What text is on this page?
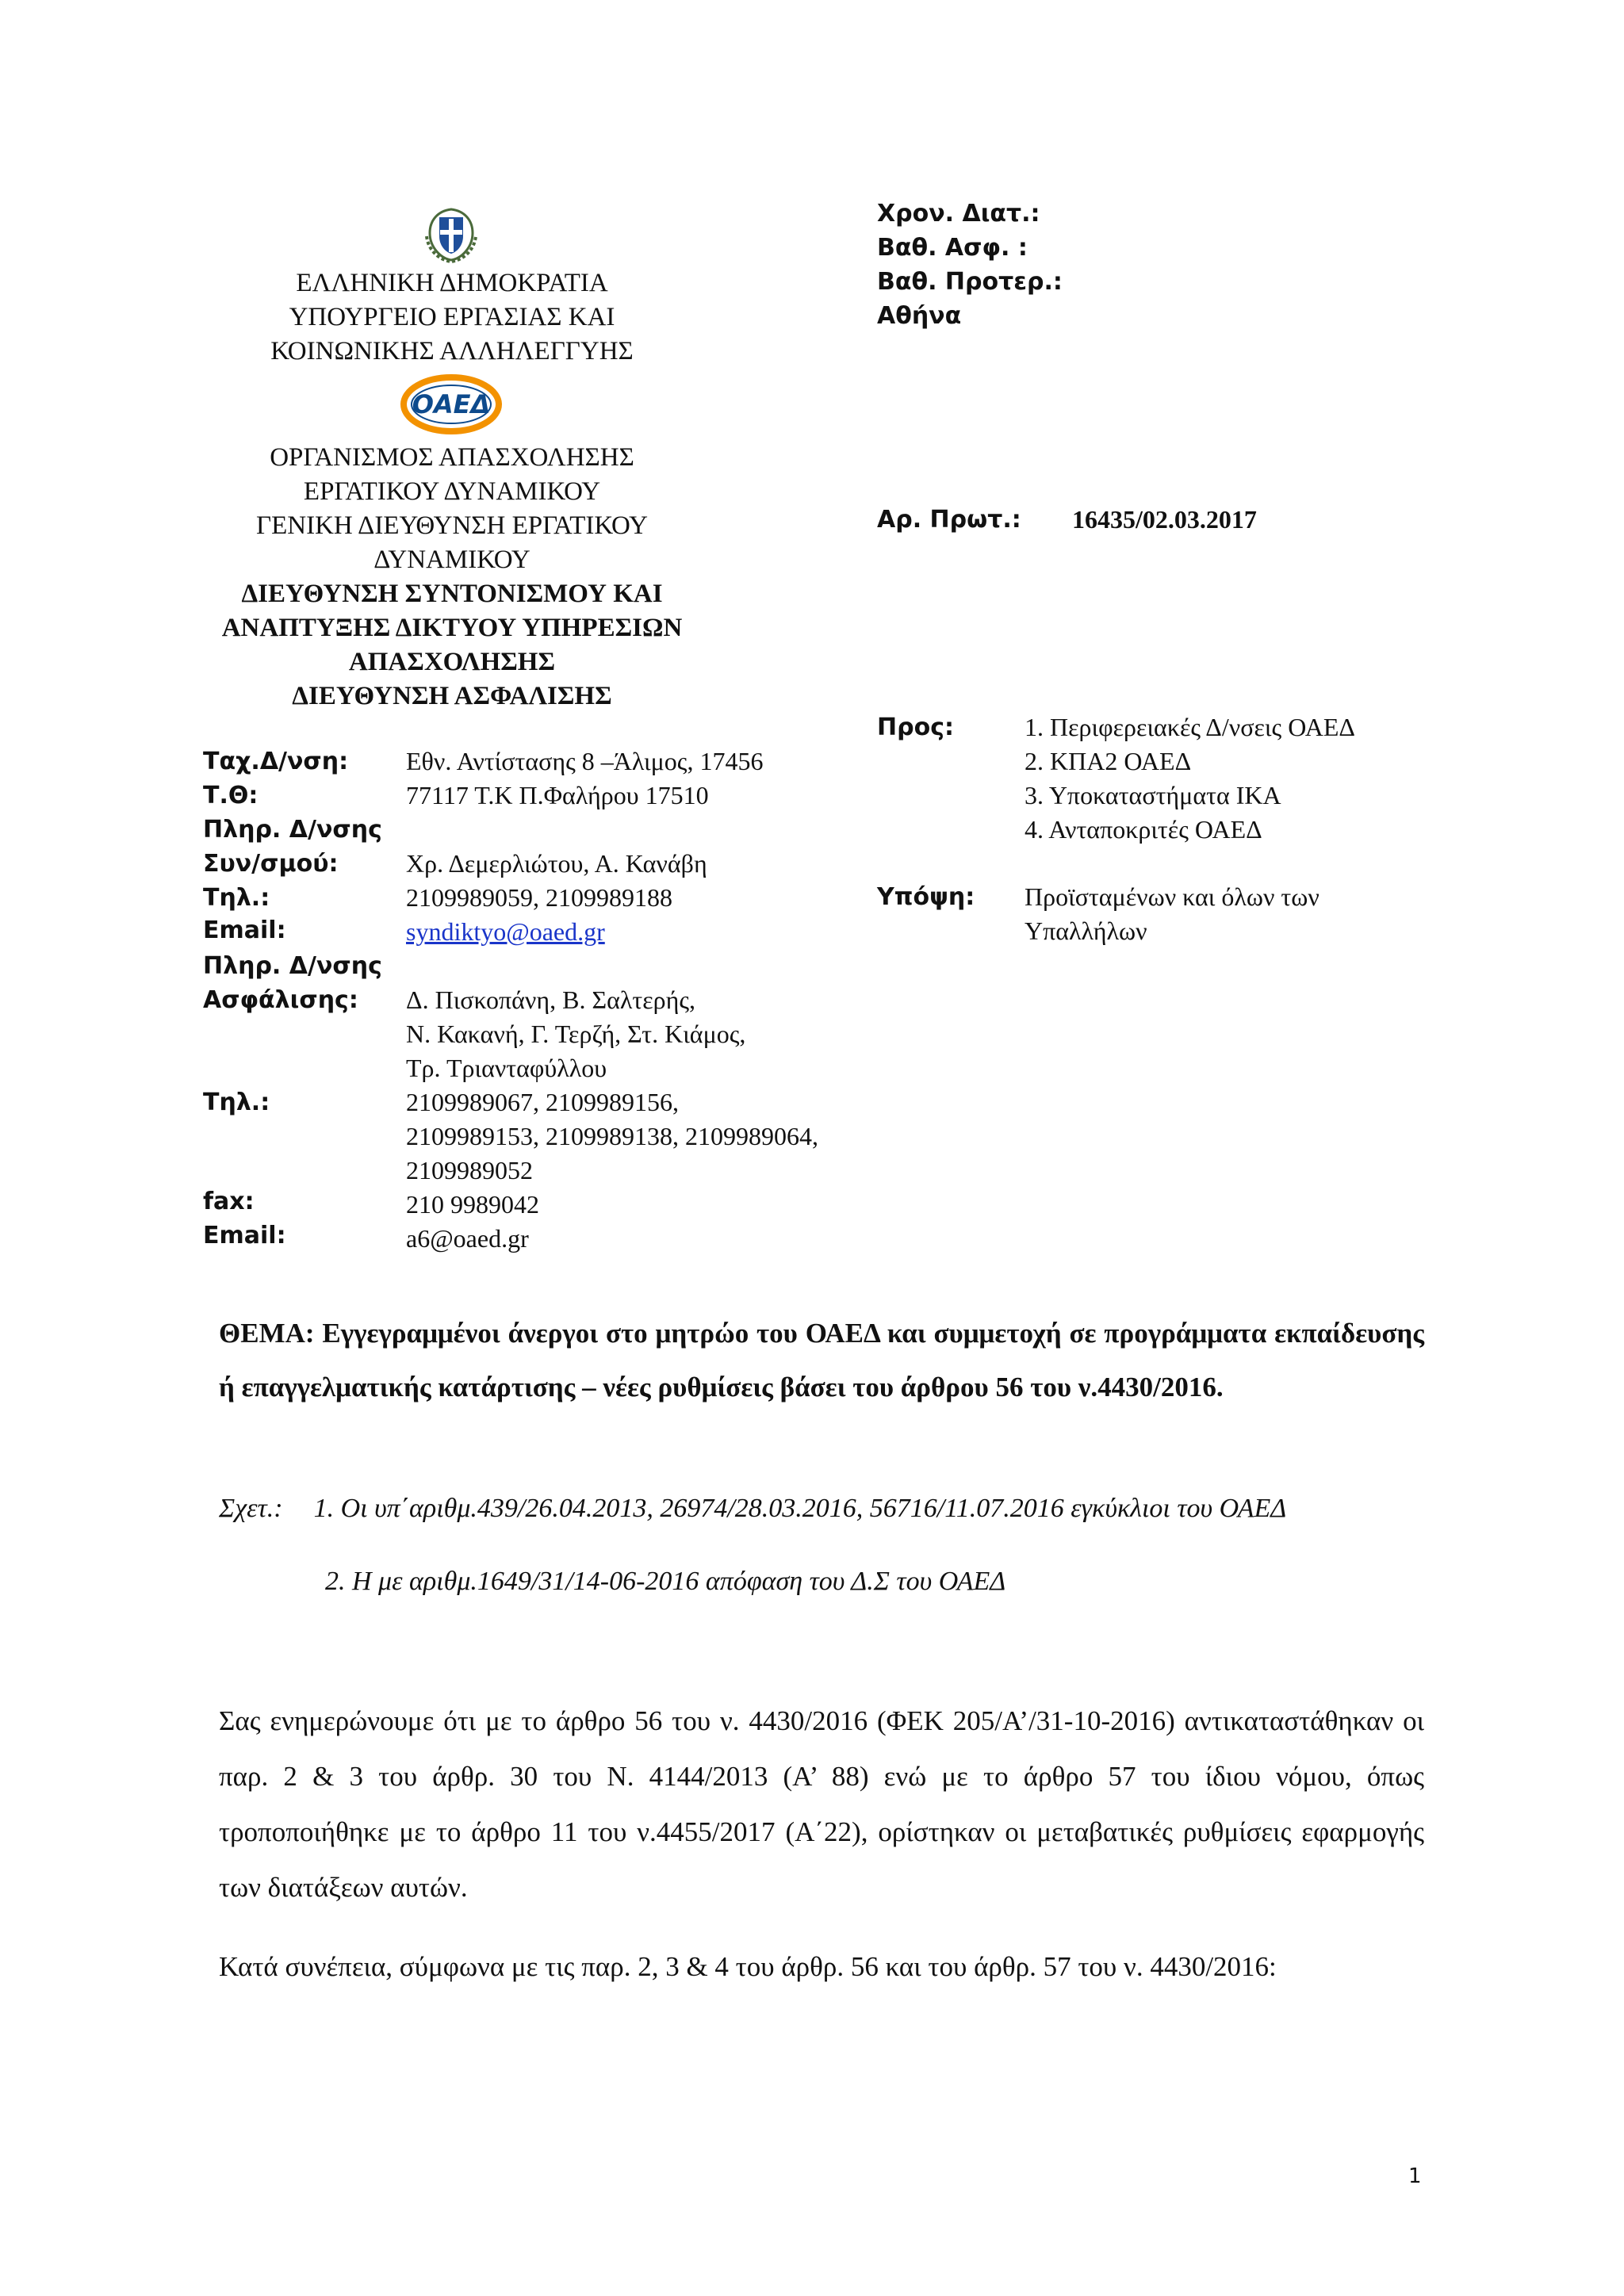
ΕΛΛΗΝΙΚΗ ΔΗΜΟΚΡΑΤΙΑ
ΥΠΟΥΡΓΕΙΟ ΕΡΓΑΣΙΑΣ ΚΑΙ
ΚΟΙΝΩΝΙΚΗΣ ΑΛΛΗΛΕΓΓΥΗΣ
ΟΑΕΔ
ΟΡΓΑΝΙΣΜΟΣ ΑΠΑΣΧΟΛΗΣΗΣ
ΕΡΓΑΤΙΚΟΥ ΔΥΝΑΜΙΚΟΥ
ΓΕΝΙΚΗ ΔΙΕΥΘΥΝΣΗ ΕΡΓΑΤΙΚΟΥ
ΔΥΝΑΜΙΚΟΥ
ΔΙΕΥΘΥΝΣΗ ΣΥΝΤΟΝΙΣΜΟΥ ΚΑΙ
ΑΝΑΠΤΥΞΗΣ ΔΙΚΤΥΟΥ ΥΠΗΡΕΣΙΩΝ
ΑΠΑΣΧΟΛΗΣΗΣ
ΔΙΕΥΘΥΝΣΗ ΑΣΦΑΛΙΣΗΣ
Χρον. Διατ.:
Βαθ. Ασφ. :
Βαθ. Προτερ.:
Αθήνα
Αρ. Πρωτ.: 16435/02.03.2017
Προς:	1. Περιφερειακές Δ/νσεις ΟΑΕΔ
2. ΚΠΑ2 ΟΑΕΔ
3. Υποκαταστήματα ΙΚΑ
4. Ανταποκριτές ΟΑΕΔ
Υπόψη: Προϊσταμένων και όλων των
Υπαλλήλων
Ταχ.Δ/νση: Εθν. Αντίστασης 8 –Άλιμος, 17456
Τ.Θ:	77117 Τ.Κ Π.Φαλήρου 17510
Πληρ. Δ/νσης
Συν/σμού:	Χρ. Δεμερλιώτου, Α. Κανάβη
Τηλ.:	2109989059, 2109989188
Email:	syndiktyo@oaed.gr
Πληρ. Δ/νσης
Ασφάλισης: Δ. Πισκοπάνη, Β. Σαλτερής,
Ν. Κακανή, Γ. Τερζή, Στ. Κιάμος,
Τρ. Τριανταφύλλου
Τηλ.:	2109989067, 2109989156,
2109989153, 2109989138, 2109989064,
2109989052
fax:	210 9989042
Email:	a6@oaed.gr
ΘΕΜΑ: Εγγεγραμμένοι άνεργοι στο μητρώο του ΟΑΕΔ και συμμετοχή σε προγράμματα εκπαίδευσης ή επαγγελματικής κατάρτισης – νέες ρυθμίσεις βάσει του άρθρου 56 του ν.4430/2016.
Σχετ.: 1. Οι υπ΄αριθμ.439/26.04.2013, 26974/28.03.2016, 56716/11.07.2016 εγκύκλιοι του ΟΑΕΔ
2. Η με αριθμ.1649/31/14-06-2016 απόφαση του Δ.Σ του ΟΑΕΔ
Σας ενημερώνουμε ότι με το άρθρο 56 του ν. 4430/2016 (ΦΕΚ 205/Α’/31-10-2016) αντικαταστάθηκαν οι παρ. 2 & 3 του άρθρ. 30 του Ν. 4144/2013 (Α’ 88) ενώ με το άρθρο 57 του ίδιου νόμου, όπως τροποποιήθηκε με το άρθρο 11 του ν.4455/2017 (Α΄22), ορίστηκαν οι μεταβατικές ρυθμίσεις εφαρμογής των διατάξεων αυτών.
Κατά συνέπεια, σύμφωνα με τις παρ. 2, 3 & 4 του άρθρ. 56 και του άρθρ. 57 του ν. 4430/2016:
1
